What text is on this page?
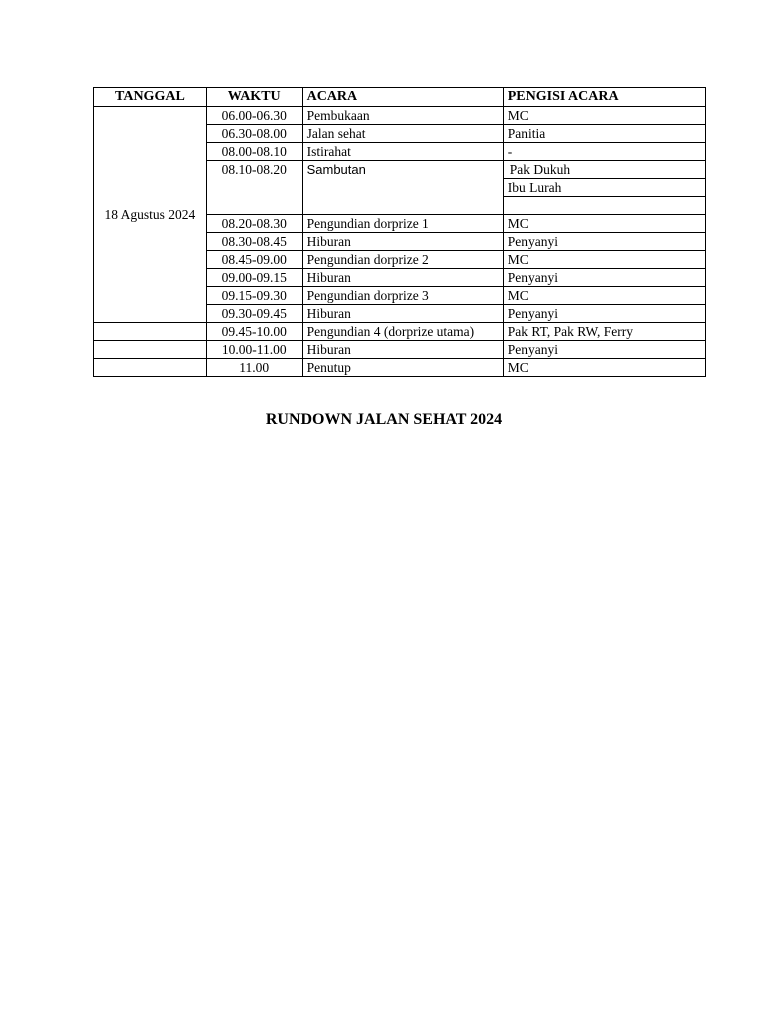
TANGGAL	WAKTU	ACARA	PENGISI ACARA
18 Agustus 2024	06.00-06.30	Pembukaan	MC
	06.30-08.00	Jalan sehat	Panitia
	08.00-08.10	Istirahat	-
	08.10-08.20	Sambutan	Pak Dukuh
			Ibu Lurah

	08.20-08.30	Pengundian dorprize 1	MC
	08.30-08.45	Hiburan	Penyanyi
	08.45-09.00	Pengundian dorprize 2	MC
	09.00-09.15	Hiburan	Penyanyi
	09.15-09.30	Pengundian dorprize 3	MC
	09.30-09.45	Hiburan	Penyanyi
	09.45-10.00	Pengundian 4 (dorprize utama)	Pak RT, Pak RW, Ferry
	10.00-11.00	Hiburan	Penyanyi
	11.00	Penutup	MC
RUNDOWN JALAN SEHAT 2024
